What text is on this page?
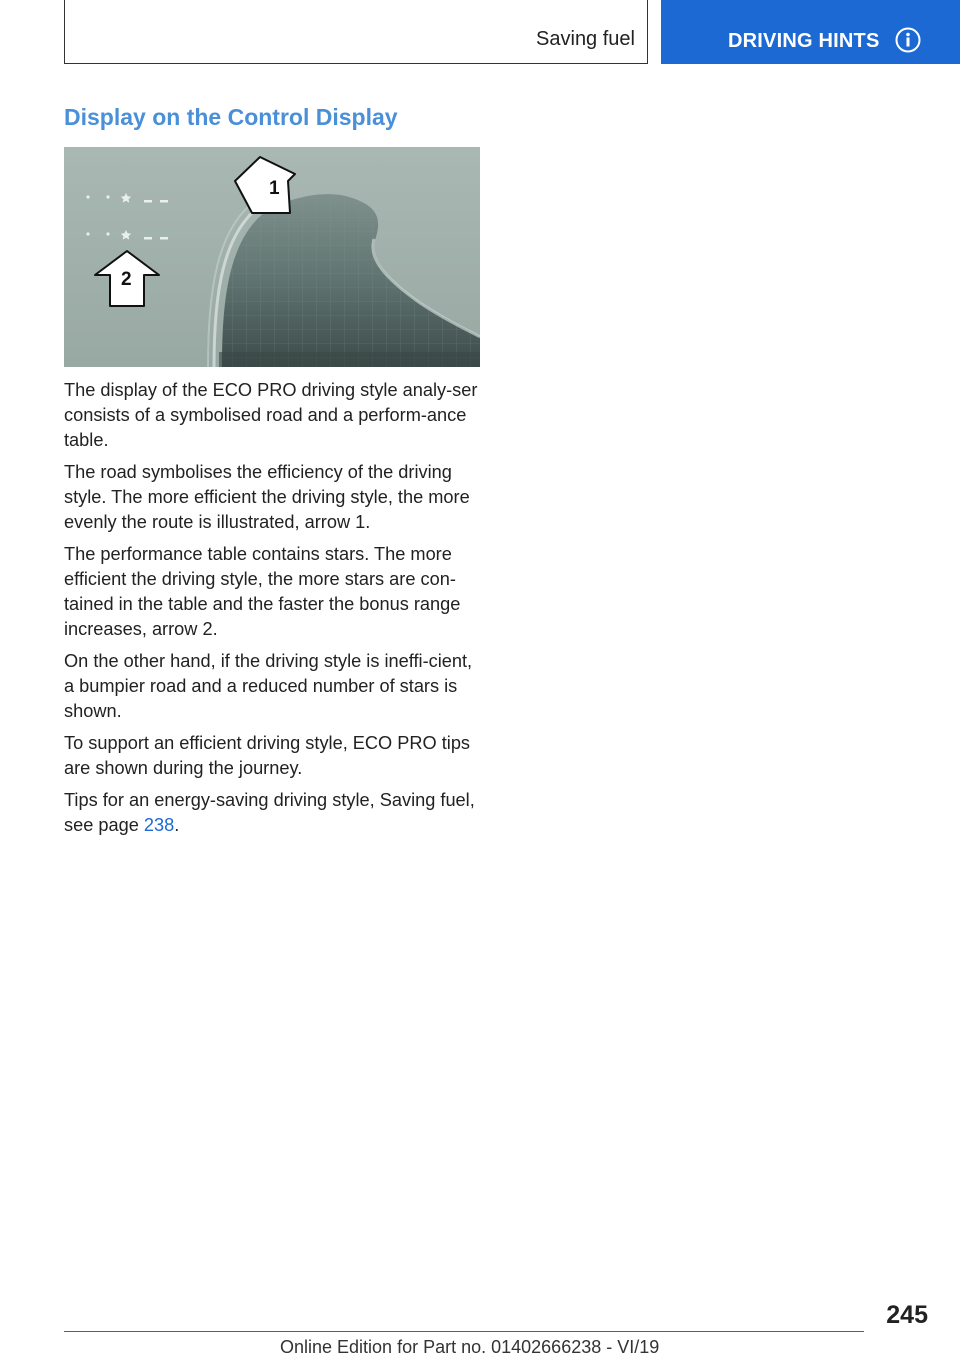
Saving fuel	DRIVING HINTS
Display on the Control Display
1
2

The display of the ECO PRO driving style analy-ser consists of a symbolised road and a perform-ance table.

The road symbolises the efficiency of the driving style. The more efficient the driving style, the more evenly the route is illustrated, arrow 1.

The performance table contains stars. The more efficient the driving style, the more stars are con-tained in the table and the faster the bonus range increases, arrow 2.

On the other hand, if the driving style is ineffi-cient, a bumpier road and a reduced number of stars is shown.

To support an efficient driving style, ECO PRO tips are shown during the journey.

Tips for an energy-saving driving style, Saving fuel, see page 238.

245
Online Edition for Part no. 01402666238 - VI/19
